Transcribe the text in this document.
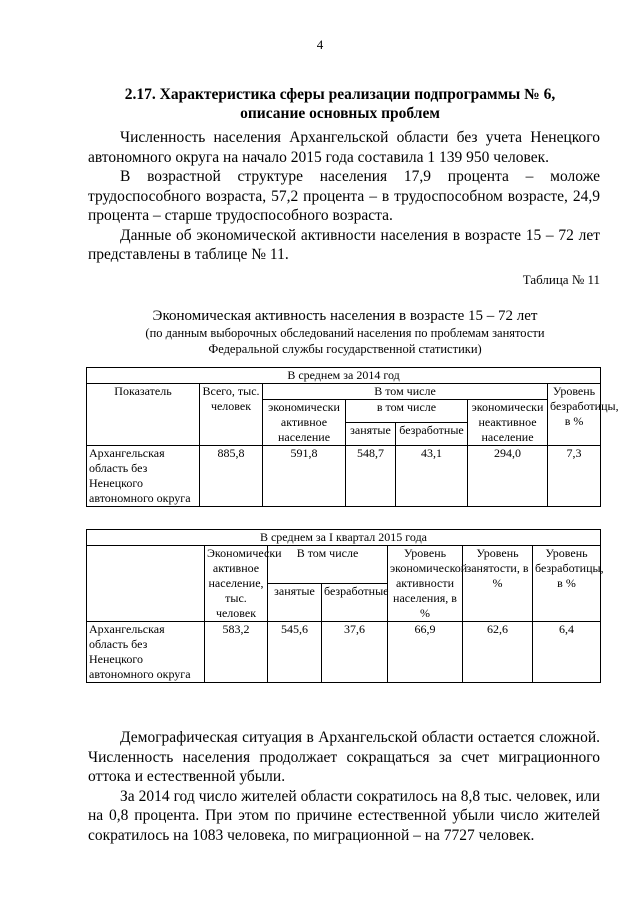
4
2.17. Характеристика сферы реализации подпрограммы № 6,
описание основных проблем

Численность населения Архангельской области без учета Ненецкого автономного округа на начало 2015 года составила 1 139 950 человек.

В возрастной структуре населения 17,9 процента – моложе трудоспособного возраста, 57,2 процента – в трудоспособном возрасте, 24,9 процента – старше трудоспособного возраста.

Данные об экономической активности населения в возрасте 15 – 72 лет представлены в таблице № 11.

Таблица № 11
Экономическая активность населения в возрасте 15 – 72 лет
(по данным выборочных обследований населения по проблемам занятости
Федеральной службы государственной статистики)
В среднем за 2014 год						
Показатель	Всего, тыс. человек	В том числе				Уровень безработицы, в %
		экономически активное население	в том числе		экономически неактивное население	
			занятые	безработные		
Архангельская область без Ненецкого автономного округа	885,8	591,8	548,7	43,1	294,0	7,3
В среднем за I квартал 2015 года						
	Экономически активное население, тыс. человек	В том числе		Уровень экономической активности населения, в %	Уровень занятости, в %	Уровень безработицы, в %
		занятые	безработные			
Архангельская область без Ненецкого автономного округа	583,2	545,6	37,6	66,9	62,6	6,4

Демографическая ситуация в Архангельской области остается сложной. Численность населения продолжает сокращаться за счет миграционного оттока и естественной убыли.

За 2014 год число жителей области сократилось на 8,8 тыс. человек, или на 0,8 процента. При этом по причине естественной убыли число жителей сократилось на 1083 человека, по миграционной – на 7727 человек.
